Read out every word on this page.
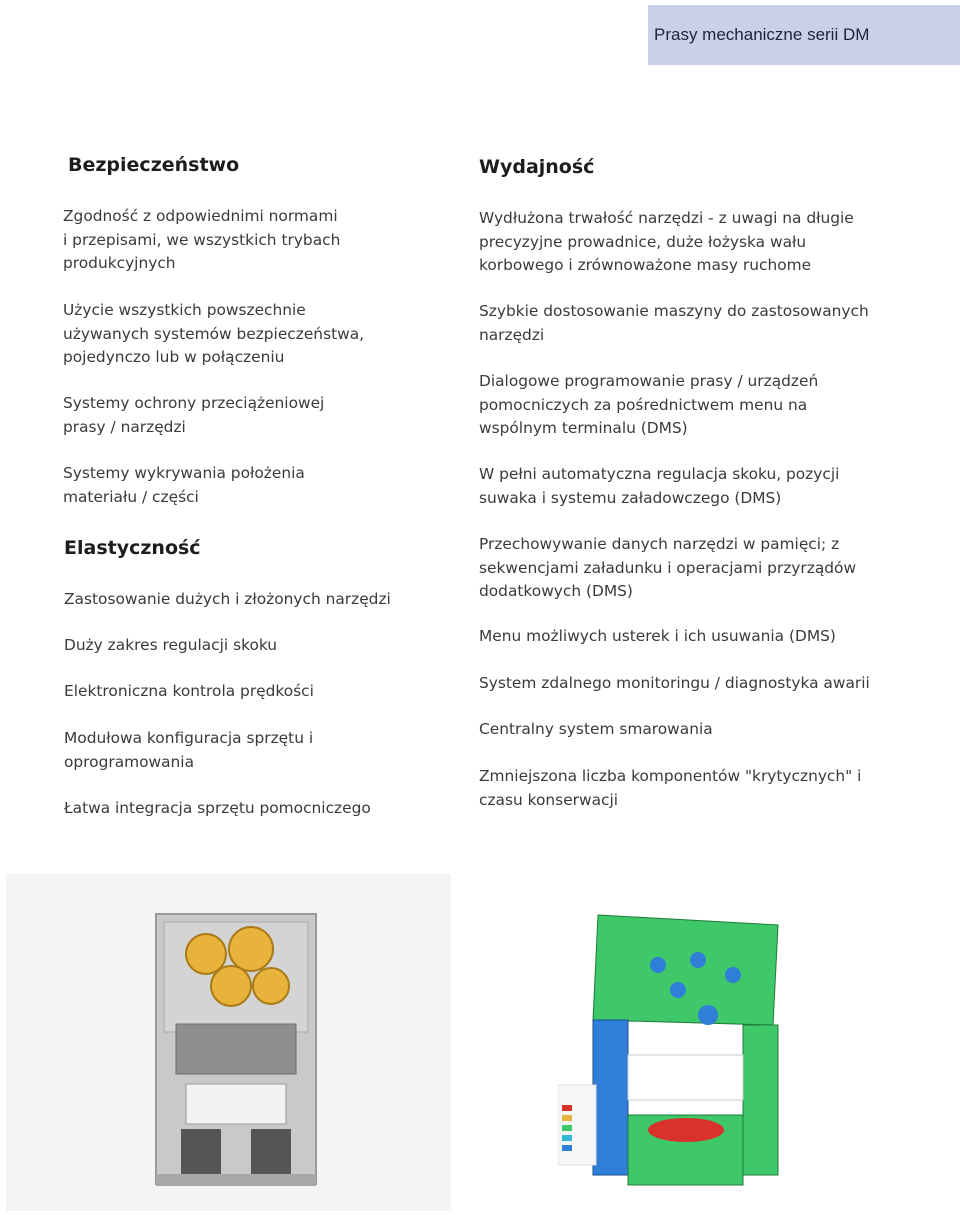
Prasy mechaniczne serii DM
Bezpieczeństwo

Zgodność z odpowiednimi normami
i przepisami, we wszystkich trybach
produkcyjnych

Użycie wszystkich powszechnie
używanych systemów bezpieczeństwa,
pojedynczo lub w połączeniu

Systemy ochrony przeciążeniowej
prasy / narzędzi

Systemy wykrywania położenia
materiału / części

Elastyczność

Zastosowanie dużych i złożonych narzędzi

Duży zakres regulacji skoku

Elektroniczna kontrola prędkości

Modułowa konfiguracja sprzętu i
oprogramowania

Łatwa integracja sprzętu pomocniczego

Wydajność

Wydłużona trwałość narzędzi - z uwagi na długie
precyzyjne prowadnice, duże łożyska wału
korbowego i zrównoważone masy ruchome

Szybkie dostosowanie maszyny do zastosowanych
narzędzi

Dialogowe programowanie prasy / urządzeń
pomocniczych za pośrednictwem menu na
wspólnym terminalu (DMS)

W pełni automatyczna regulacja skoku, pozycji
suwaka i systemu załadowczego (DMS)

Przechowywanie danych narzędzi w pamięci; z
sekwencjami załadunku i operacjami przyrządów
dodatkowych (DMS)

Menu możliwych usterek i ich usuwania (DMS)

System zdalnego monitoringu / diagnostyka awarii

Centralny system smarowania

Zmniejszona liczba komponentów "krytycznych" i
czasu konserwacji
